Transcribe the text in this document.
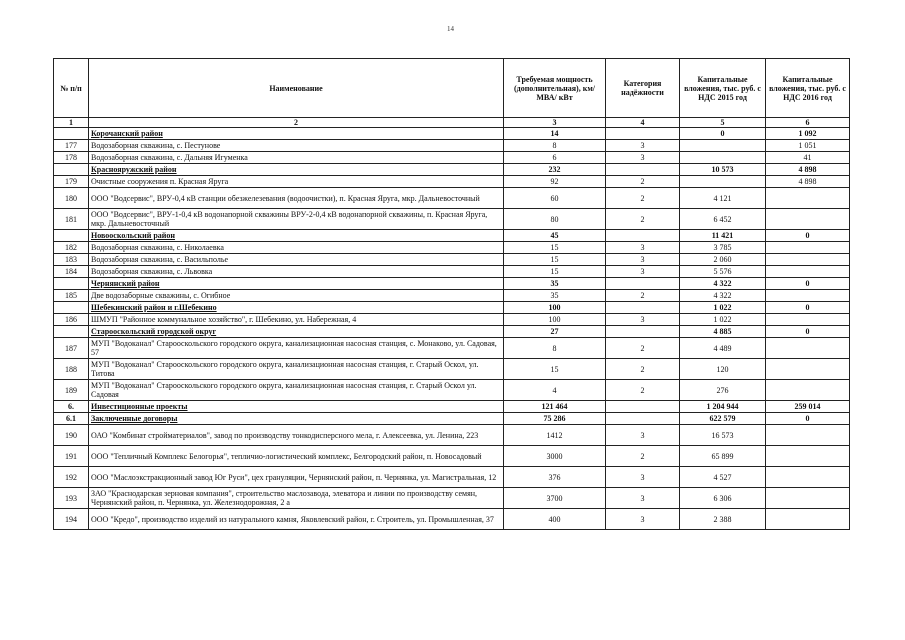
14
№ п/п	Наименование	Требуемая мощность (дополнительная), км/ МВА/ кВт	Категория надёжности	Капитальные вложения, тыс. руб. с НДС 2015 год	Капитальные вложения, тыс. руб. с НДС 2016 год
1	2	3	4	5	6
	Корочанский район	14		0	1 092
177	Водозаборная скважина, с. Пестунове	8	3		1 051
178	Водозаборная скважина, с. Дальняя Игуменка	6	3		41
	Краснояружский район	232		10 573	4 898
179	Очистные сооружения п. Красная Яруга	92	2		4 898
180	ООО "Водсервис", ВРУ-0,4 кВ станции обезжелезевания (водоочистки), п. Красная Яруга, мкр. Дальневосточный	60	2	4 121	
181	ООО "Водсервис", ВРУ-1-0,4 кВ водонапорной скважины ВРУ-2-0,4 кВ водонапорной скважины, п. Красная Яруга, мкр. Дальневосточный	80	2	6 452	
	Новооскольский район	45		11 421	0
182	Водозаборная скважина, с. Николаевка	15	3	3 785	
183	Водозаборная скважина, с. Васильполье	15	3	2 060	
184	Водозаборная скважина, с. Львовка	15	3	5 576	
	Чернянский район	35		4 322	0
185	Две водозаборные скважины, с. Огибное	35	2	4 322	
	Шебекинский район и г.Шебекино	100		1 022	0
186	ШМУП "Районное коммунальное хозяйство", г. Шебекино, ул. Набережная, 4	100	3	1 022	
	Старооскольский городской округ	27		4 885	0
187	МУП "Водоканал" Старооскольского городского округа, канализационная насосная станция, с. Монаково, ул. Садовая, 57	8	2	4 489	
188	МУП "Водоканал" Старооскольского городского округа, канализационная насосная станция, г. Старый Оскол, ул. Титова	15	2	120	
189	МУП "Водоканал" Старооскольского городского округа, канализационная насосная станция, г. Старый Оскол ул. Садовая	4	2	276	
6.	Инвестиционные проекты	121 464		1 204 944	259 014
6.1	Заключенные договоры	75 286		622 579	0
190	ОАО "Комбинат стройматериалов", завод по производству тонкодисперсного мела, г. Алексеевка, ул. Ленина, 223	1412	3	16 573	
191	ООО "Тепличный Комплекс Белогорья", тепличио-логистический комплекс, Белгородский район, п. Новосадовый	3000	2	65 899	
192	ООО "Маслоэкстракционный завод Юг Руси", цех грануляции, Чернянский район, п. Чернянка, ул. Магистральная, 12	376	3	4 527	
193	ЗАО "Краснодарская зерновая компания", строительство маслозавода, элеватора и линии по производству семян, Чернянский район, п. Чернянка, ул. Железнодорожная, 2 а	3700	3	6 306	
194	ООО "Кредо", производство изделий из натурального камня, Яковлевский район, г. Строитель, ул. Промышленная, 37	400	3	2 388	
